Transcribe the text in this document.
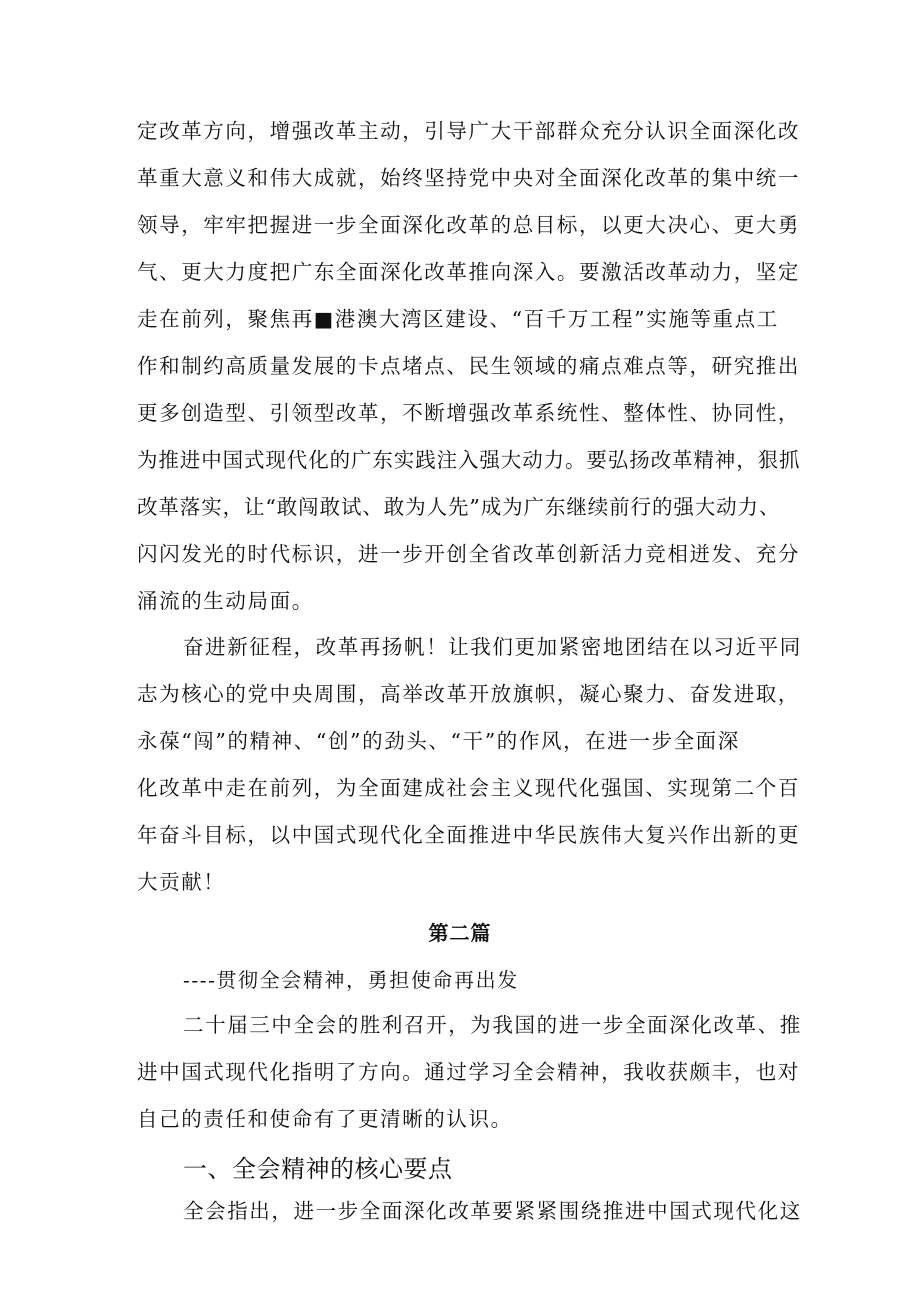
定改革方向，增强改革主动，引导广大干部群众充分认识全面深化改
革重大意义和伟大成就，始终坚持党中央对全面深化改革的集中统一
领导，牢牢把握进一步全面深化改革的总目标，以更大决心、更大勇
气、更大力度把广东全面深化改革推向深入。要激活改革动力，坚定
走在前列，聚焦再■港澳大湾区建设、“百千万工程”实施等重点工
作和制约高质量发展的卡点堵点、民生领域的痛点难点等，研究推出
更多创造型、引领型改革，不断增强改革系统性、整体性、协同性，
为推进中国式现代化的广东实践注入强大动力。要弘扬改革精神，狠抓
改革落实，让“敢闯敢试、敢为人先”成为广东继续前行的强大动力、
闪闪发光的时代标识，进一步开创全省改革创新活力竞相迸发、充分
涌流的生动局面。
奋进新征程，改革再扬帆！让我们更加紧密地团结在以习近平同
志为核心的党中央周围，高举改革开放旗帜，凝心聚力、奋发进取，
永葆“闯”的精神、“创”的劲头、“干”的作风，在进一步全面深
化改革中走在前列，为全面建成社会主义现代化强国、实现第二个百
年奋斗目标，以中国式现代化全面推进中华民族伟大复兴作出新的更
大贡献！
第二篇
----贯彻全会精神，勇担使命再出发
二十届三中全会的胜利召开，为我国的进一步全面深化改革、推
进中国式现代化指明了方向。通过学习全会精神，我收获颇丰，也对
自己的责任和使命有了更清晰的认识。
一、全会精神的核心要点
全会指出，进一步全面深化改革要紧紧围绕推进中国式现代化这
